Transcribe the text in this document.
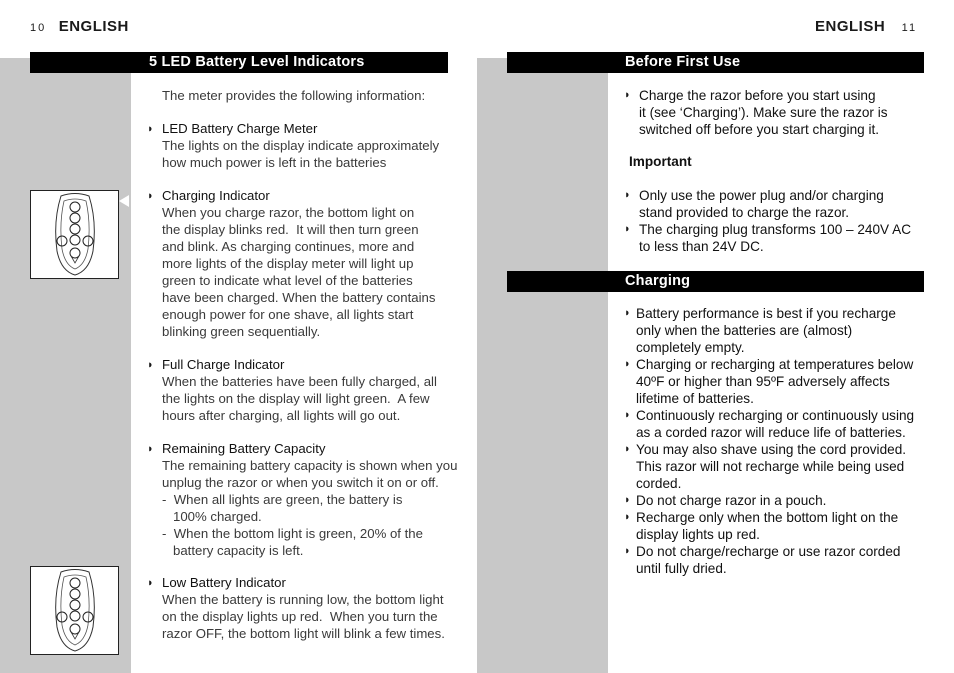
10 ENGLISH
5 LED Battery Level Indicators
The meter provides the following information:
◗ LED Battery Charge Meter
The lights on the display indicate approximately
how much power is left in the batteries
◗ Charging Indicator
When you charge razor, the bottom light on
the display blinks red.  It will then turn green
and blink. As charging continues, more and
more lights of the display meter will light up
green to indicate what level of the batteries
have been charged. When the battery contains
enough power for one shave, all lights start
blinking green sequentially.
◗ Full Charge Indicator
When the batteries have been fully charged, all
the lights on the display will light green.  A few
hours after charging, all lights will go out.
◗ Remaining Battery Capacity
The remaining battery capacity is shown when you
unplug the razor or when you switch it on or off.
-  When all lights are green, the battery is
100% charged.
-  When the bottom light is green, 20% of the
battery capacity is left.
◗ Low Battery Indicator
When the battery is running low, the bottom light
on the display lights up red.  When you turn the
razor OFF, the bottom light will blink a few times.
ENGLISH 11
Before First Use
◗ Charge the razor before you start using
it (see ‘Charging’). Make sure the razor is
switched off before you start charging it.
Important
◗ Only use the power plug and/or charging
stand provided to charge the razor.
◗ The charging plug transforms 100 – 240V AC
to less than 24V DC.
Charging
◗ Battery performance is best if you recharge
only when the batteries are (almost)
completely empty.
◗ Charging or recharging at temperatures below
40ºF or higher than 95ºF adversely affects
lifetime of batteries.
◗ Continuously recharging or continuously using
as a corded razor will reduce life of batteries.
◗ You may also shave using the cord provided.
This razor will not recharge while being used
corded.
◗ Do not charge razor in a pouch.
◗ Recharge only when the bottom light on the
display lights up red.
◗ Do not charge/recharge or use razor corded
until fully dried.
